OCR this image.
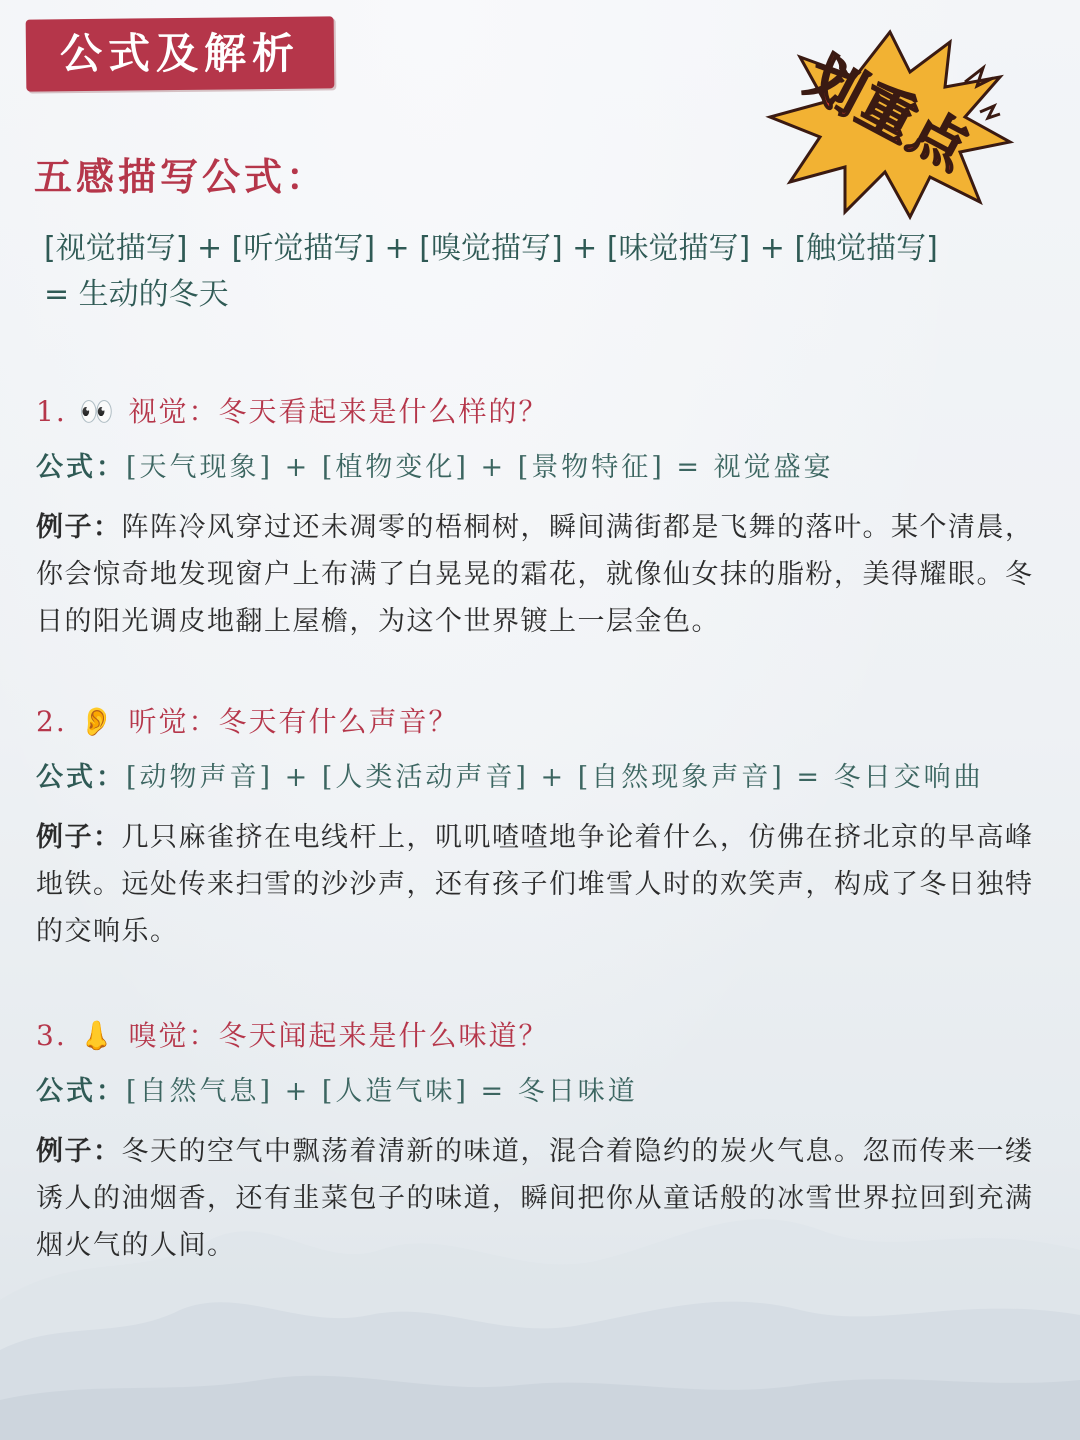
公式及解析	划重点
五感描写公式：
[视觉描写] + [听觉描写] + [嗅觉描写] + [味觉描写] + [触觉描写]
= 生动的冬天
1. 👀 视觉：冬天看起来是什么样的？
公式：[天气现象] + [植物变化] + [景物特征] = 视觉盛宴
例子：阵阵冷风穿过还未凋零的梧桐树，瞬间满街都是飞舞的落叶。某个清晨，你会惊奇地发现窗户上布满了白晃晃的霜花，就像仙女抹的脂粉，美得耀眼。冬日的阳光调皮地翻上屋檐，为这个世界镀上一层金色。
2. 👂 听觉：冬天有什么声音？
公式：[动物声音] + [人类活动声音] + [自然现象声音] = 冬日交响曲
例子：几只麻雀挤在电线杆上，叽叽喳喳地争论着什么，仿佛在挤北京的早高峰地铁。远处传来扫雪的沙沙声，还有孩子们堆雪人时的欢笑声，构成了冬日独特的交响乐。
3. 👃 嗅觉：冬天闻起来是什么味道？
公式：[自然气息] + [人造气味] = 冬日味道
例子：冬天的空气中飘荡着清新的味道，混合着隐约的炭火气息。忽而传来一缕诱人的油烟香，还有韭菜包子的味道，瞬间把你从童话般的冰雪世界拉回到充满烟火气的人间。
